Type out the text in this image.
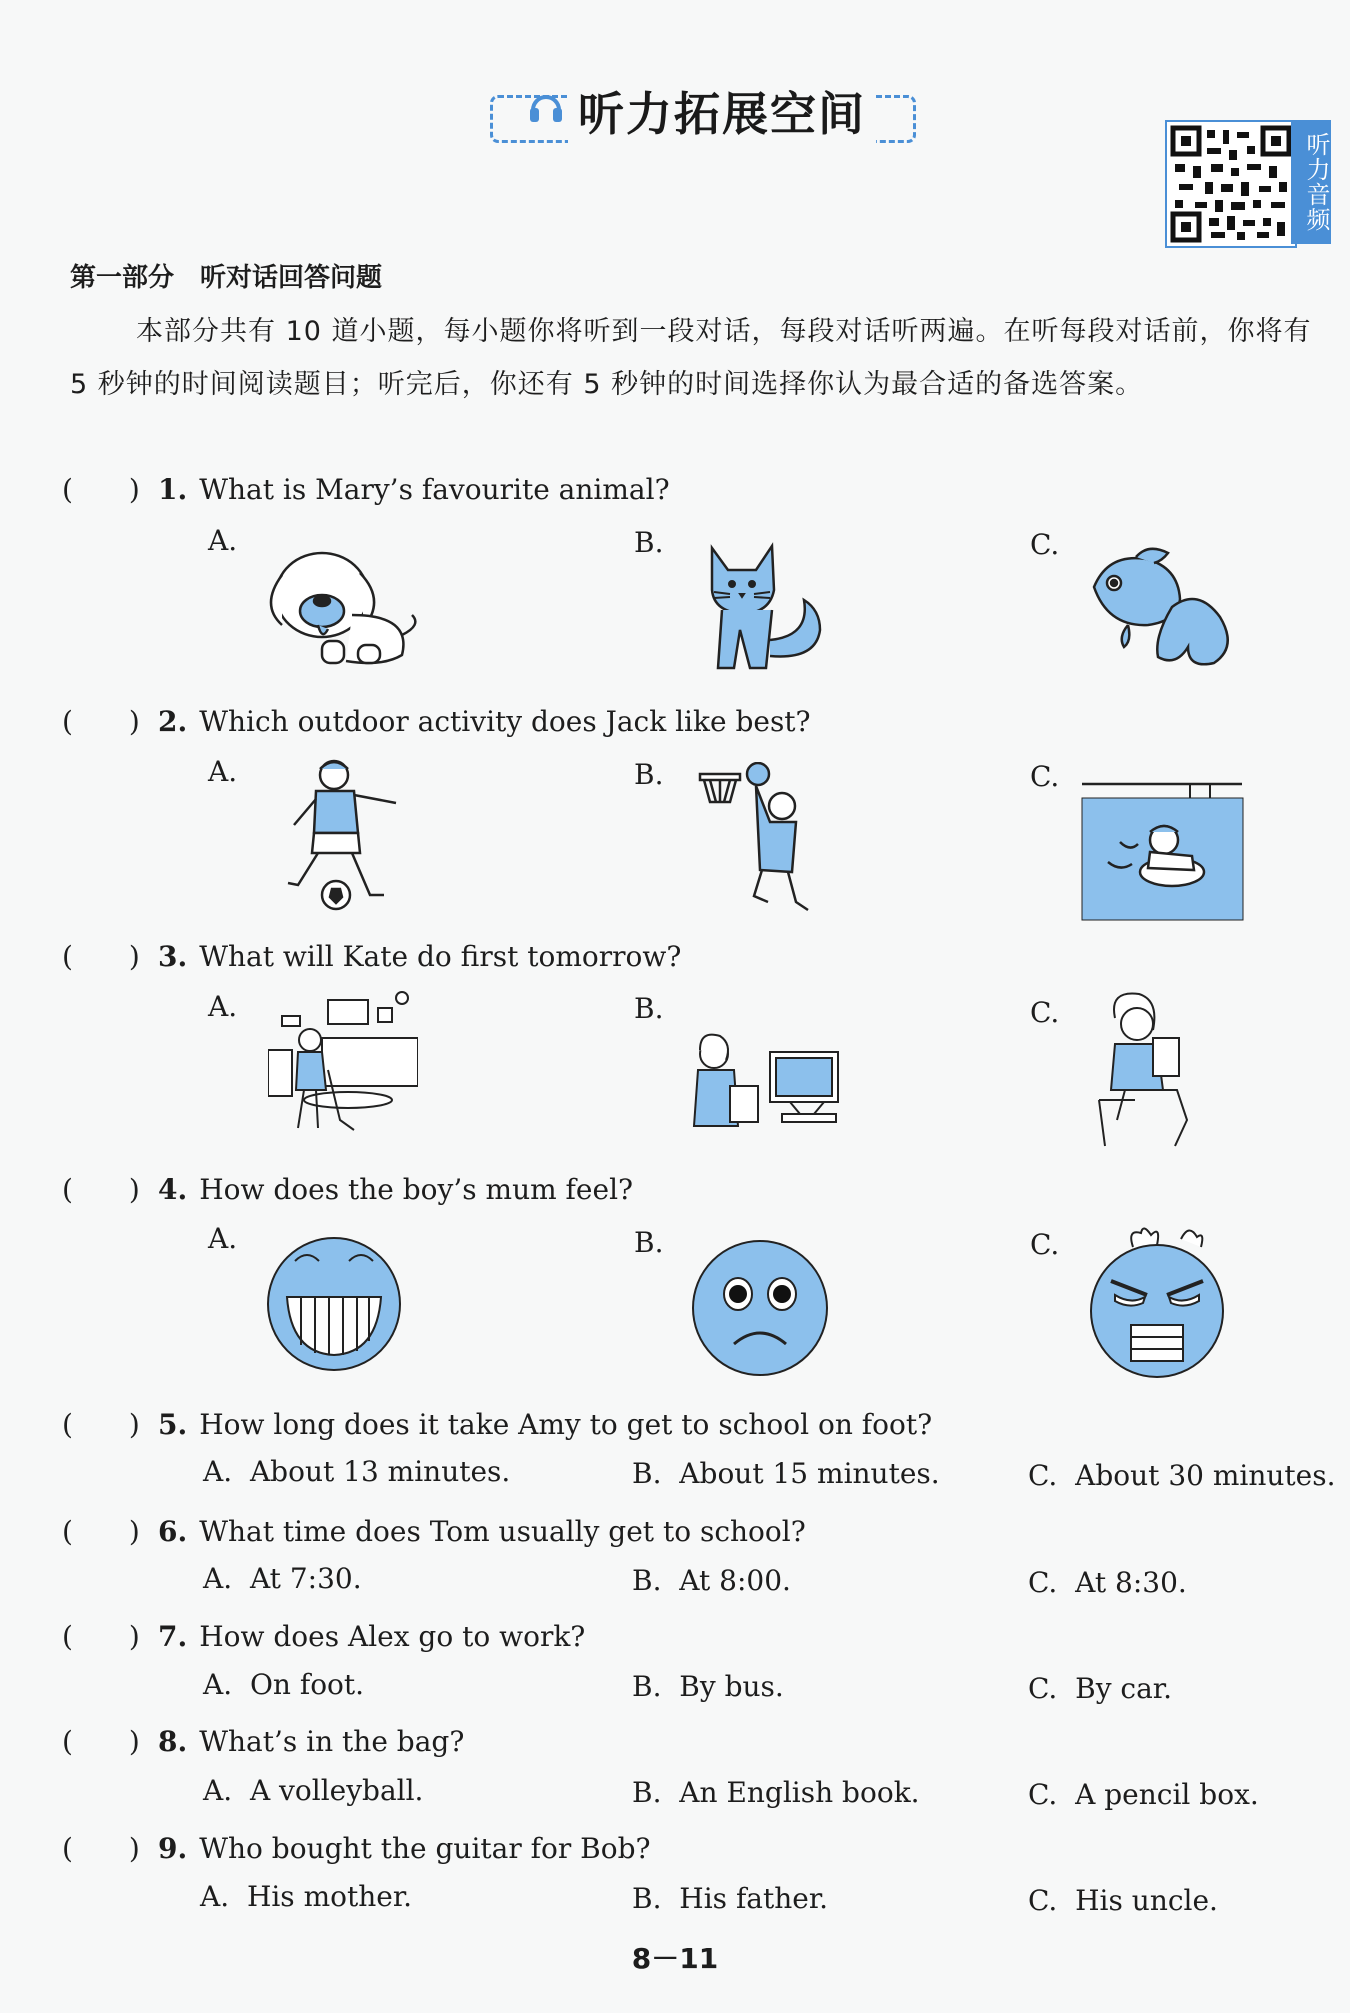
听力拓展空间
听力音频
第一部分　听对话回答问题
本部分共有 10 道小题，每小题你将听到一段对话，每段对话听两遍。在听每段对话前，你将有 5 秒钟的时间阅读题目；听完后，你还有 5 秒钟的时间选择你认为最合适的备选答案。
(　　) 1. What is Mary’s favourite animal?
A.	B.	C.
(　　) 2. Which outdoor activity does Jack like best?
A.	B.	C.
(　　) 3. What will Kate do first tomorrow?
A.	B.	C.
(　　) 4. How does the boy’s mum feel?
A.	B.	C.
(　　) 5. How long does it take Amy to get to school on foot?
A. About 13 minutes.	B. About 15 minutes.	C. About 30 minutes.
(　　) 6. What time does Tom usually get to school?
A. At 7:30.	B. At 8:00.	C. At 8:30.
(　　) 7. How does Alex go to work?
A. On foot.	B. By bus.	C. By car.
(　　) 8. What’s in the bag?
A. A volleyball.	B. An English book.	C. A pencil box.
(　　) 9. Who bought the guitar for Bob?
A. His mother.	B. His father.	C. His uncle.
8－11
